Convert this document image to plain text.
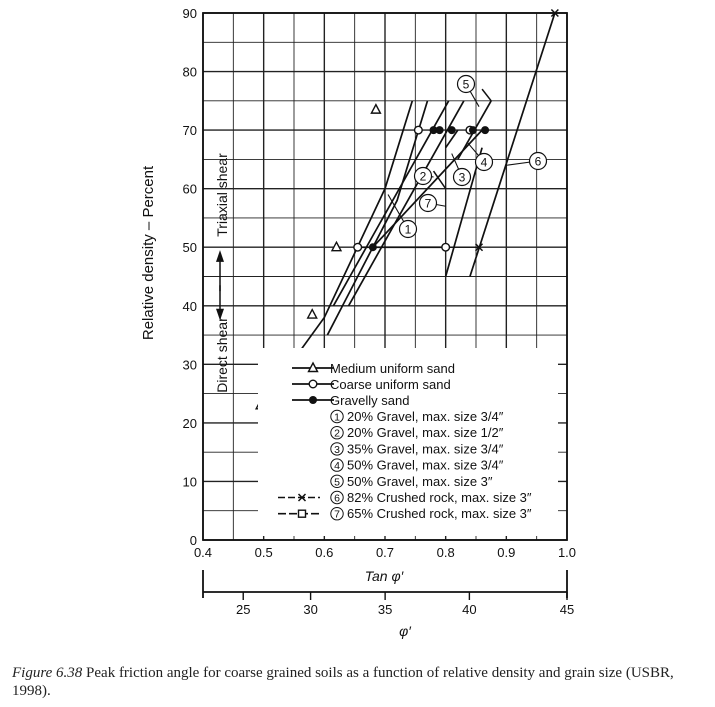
0
10
20
30
40
50
60
70
80
90
0.4	0.5	0.6	0.7	0.8	0.9	1.0
25	30	35	40	45
1
2	3
4
5
6
7
Medium uniform sand
Coarse uniform sand
Gravelly sand
1 20% Gravel, max. size 3/4″
2 20% Gravel, max. size 1/2″
3 35% Gravel, max. size 3/4″
4 50% Gravel, max. size 3/4″
5 50% Gravel, max. size 3″
6 82% Crushed rock, max. size 3″
7 65% Crushed rock, max. size 3″
Relative density – Percent
Tan φ′
φ′
Triaxial shear
Direct shear
Figure 6.38 Peak friction angle for coarse grained soils as a function of relative density and grain size (USBR, 1998).
